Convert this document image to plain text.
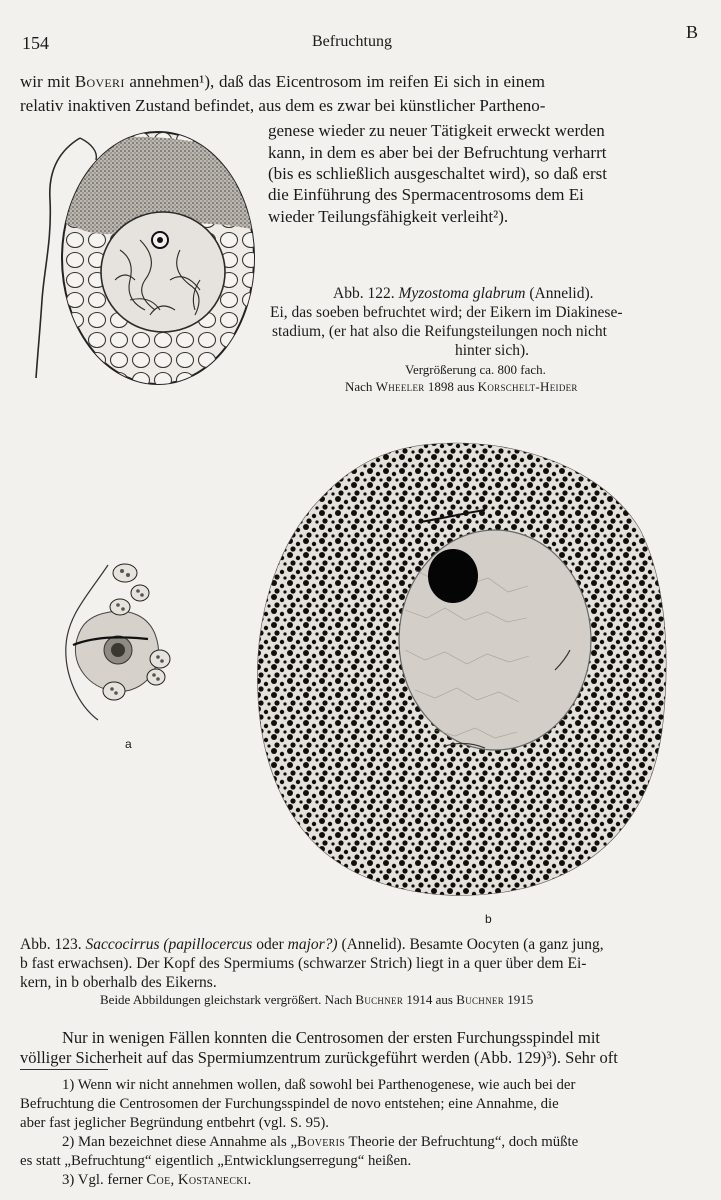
154	Befruchtung	B
wir mit Boveri annehmen¹), daß das Eicentrosom im reifen Ei sich in einem
relativ inaktiven Zustand befindet, aus dem es zwar bei künstlicher Partheno-
genese wieder zu neuer Tätigkeit erweckt werden
kann, in dem es aber bei der Befruchtung verharrt
(bis es schließlich ausgeschaltet wird), so daß erst
die Einführung des Spermacentrosoms dem Ei
wieder Teilungsfähigkeit verleiht²).
Abb. 122. Myzostoma glabrum (Annelid).
Ei, das soeben befruchtet wird; der Eikern im Diakinese-
stadium, (er hat also die Reifungsteilungen noch nicht
hinter sich).
Vergrößerung ca. 800 fach.
Nach Wheeler 1898 aus Korschelt-Heider
a
b
Abb. 123. Saccocirrus (papillocercus oder major?) (Annelid). Besamte Oocyten (a ganz jung,
b fast erwachsen). Der Kopf des Spermiums (schwarzer Strich) liegt in a quer über dem Ei-
kern, in b oberhalb des Eikerns.
Beide Abbildungen gleichstark vergrößert. Nach Buchner 1914 aus Buchner 1915
Nur in wenigen Fällen konnten die Centrosomen der ersten Furchungsspindel mit
völliger Sicherheit auf das Spermiumzentrum zurückgeführt werden (Abb. 129)³). Sehr oft
1) Wenn wir nicht annehmen wollen, daß sowohl bei Parthenogenese, wie auch bei der
Befruchtung die Centrosomen der Furchungsspindel de novo entstehen; eine Annahme, die
aber fast jeglicher Begründung entbehrt (vgl. S. 95).
2) Man bezeichnet diese Annahme als „Boveris Theorie der Befruchtung“, doch müßte
es statt „Befruchtung“ eigentlich „Entwicklungserregung“ heißen.
3) Vgl. ferner Coe, Kostanecki.
